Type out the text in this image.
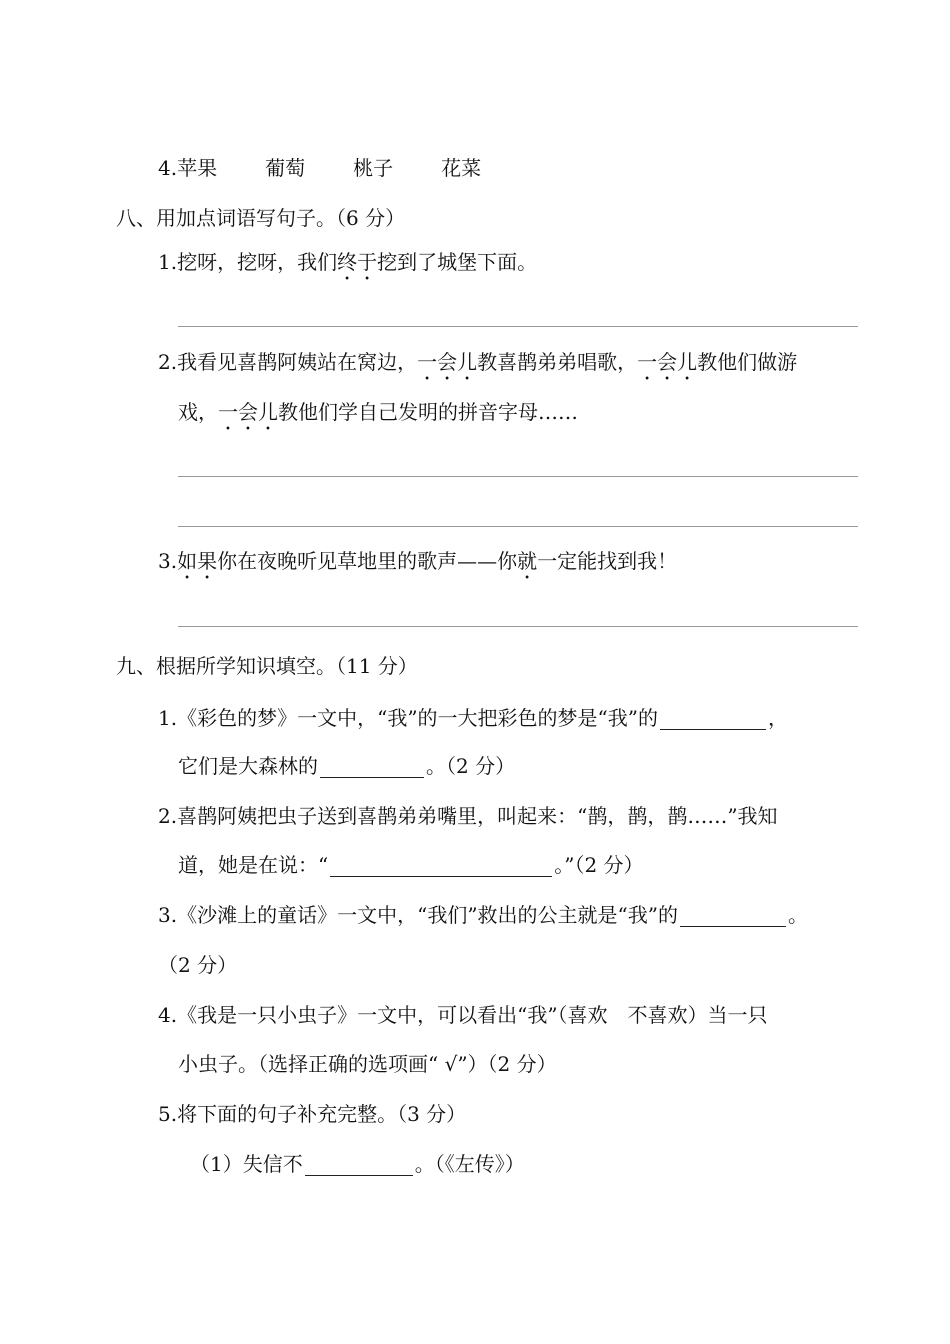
4.苹果 葡萄 桃子 花菜
八、用加点词语写句子。（6 分）
1.挖呀，挖呀，我们终于挖到了城堡下面。
2.我看见喜鹊阿姨站在窝边，一会儿教喜鹊弟弟唱歌，一会儿教他们做游
戏，一会儿教他们学自己发明的拼音字母……
3.如果你在夜晚听见草地里的歌声——你就一定能找到我！
九、根据所学知识填空。（11 分）
1.《彩色的梦》一文中，“我”的一大把彩色的梦是“我”的	，
它们是大森林的	。（2 分）
2.喜鹊阿姨把虫子送到喜鹊弟弟嘴里，叫起来：“鹊，鹊，鹊……”我知
道，她是在说：“	。”（2 分）
3.《沙滩上的童话》一文中，“我们”救出的公主就是“我”的	。
（2 分）
4.《我是一只小虫子》一文中，可以看出“我”（喜欢　不喜欢）当一只
小虫子。（选择正确的选项画“ √”）（2 分）
5.将下面的句子补充完整。（3 分）
（1）失信不	。（《左传》）
